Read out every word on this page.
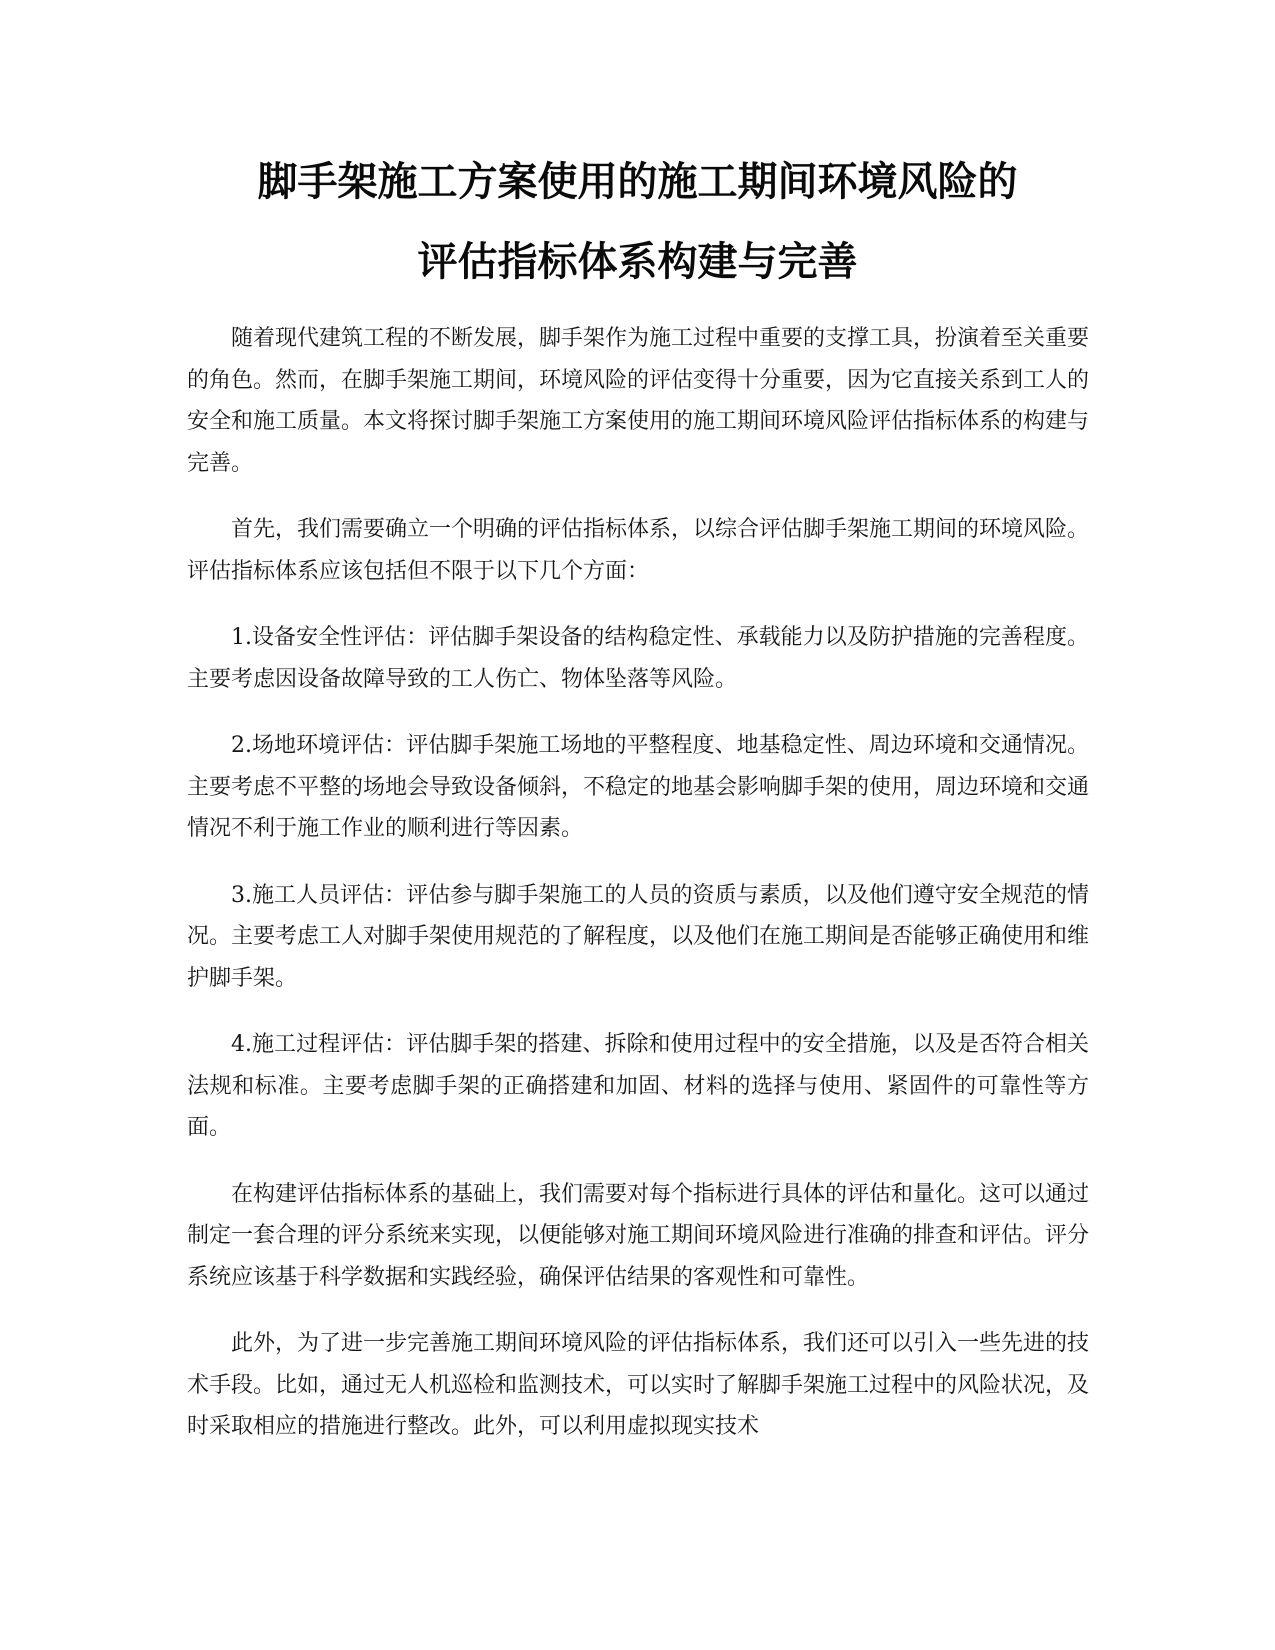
脚手架施工方案使用的施工期间环境风险的
评估指标体系构建与完善

随着现代建筑工程的不断发展，脚手架作为施工过程中重要的支撑工具，扮演着至关重要的角色。然而，在脚手架施工期间，环境风险的评估变得十分重要，因为它直接关系到工人的安全和施工质量。本文将探讨脚手架施工方案使用的施工期间环境风险评估指标体系的构建与完善。

首先，我们需要确立一个明确的评估指标体系，以综合评估脚手架施工期间的环境风险。评估指标体系应该包括但不限于以下几个方面：

1.设备安全性评估：评估脚手架设备的结构稳定性、承载能力以及防护措施的完善程度。主要考虑因设备故障导致的工人伤亡、物体坠落等风险。

2.场地环境评估：评估脚手架施工场地的平整程度、地基稳定性、周边环境和交通情况。主要考虑不平整的场地会导致设备倾斜，不稳定的地基会影响脚手架的使用，周边环境和交通情况不利于施工作业的顺利进行等因素。

3.施工人员评估：评估参与脚手架施工的人员的资质与素质，以及他们遵守安全规范的情况。主要考虑工人对脚手架使用规范的了解程度，以及他们在施工期间是否能够正确使用和维护脚手架。

4.施工过程评估：评估脚手架的搭建、拆除和使用过程中的安全措施，以及是否符合相关法规和标准。主要考虑脚手架的正确搭建和加固、材料的选择与使用、紧固件的可靠性等方面。

在构建评估指标体系的基础上，我们需要对每个指标进行具体的评估和量化。这可以通过制定一套合理的评分系统来实现，以便能够对施工期间环境风险进行准确的排查和评估。评分系统应该基于科学数据和实践经验，确保评估结果的客观性和可靠性。

此外，为了进一步完善施工期间环境风险的评估指标体系，我们还可以引入一些先进的技术手段。比如，通过无人机巡检和监测技术，可以实时了解脚手架施工过程中的风险状况，及时采取相应的措施进行整改。此外，可以利用虚拟现实技术
